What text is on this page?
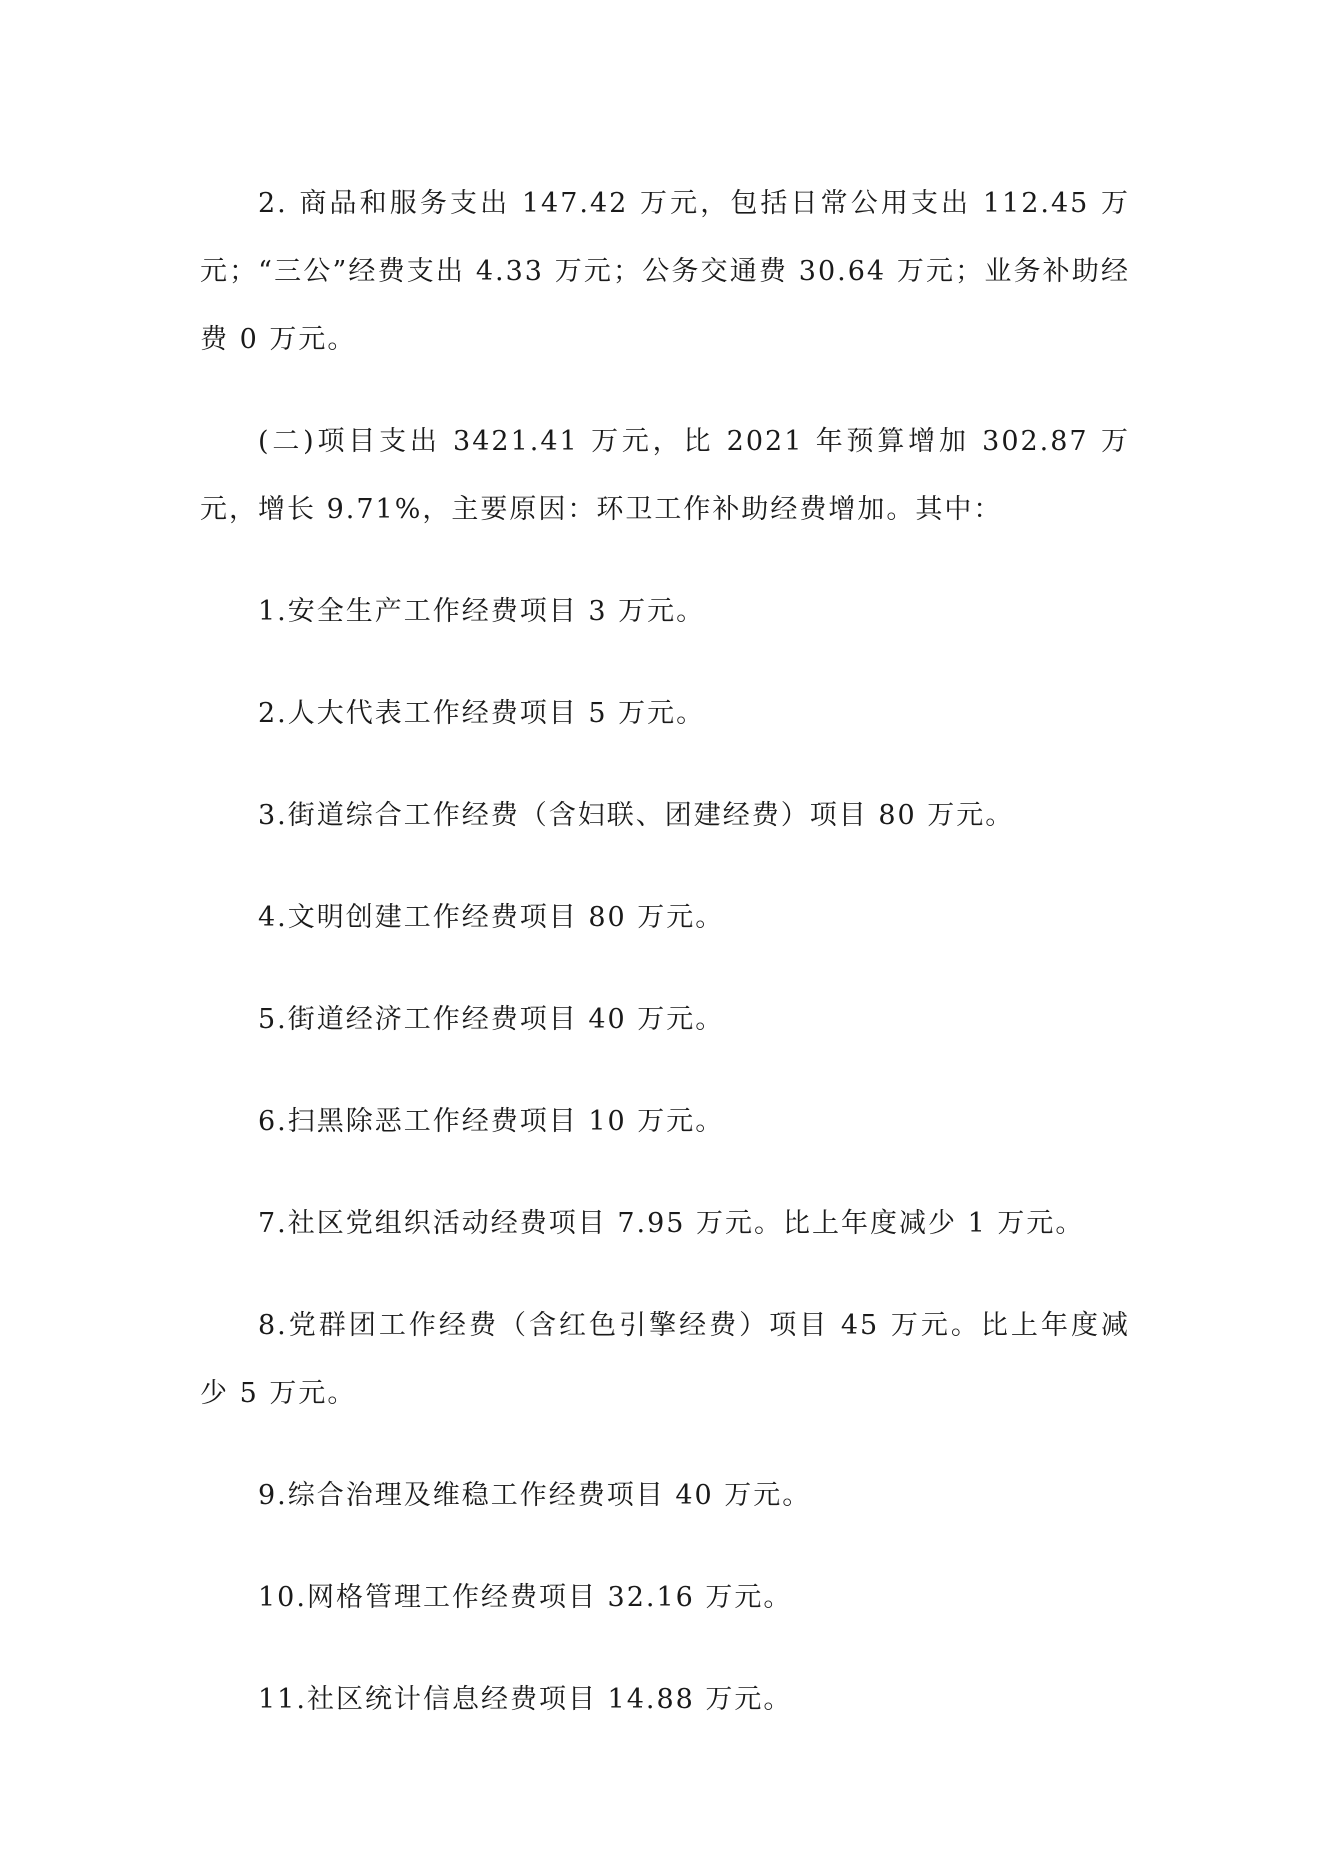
2. 商品和服务支出 147.42 万元，包括日常公用支出 112.45 万元；“三公”经费支出 4.33 万元；公务交通费 30.64 万元；业务补助经费 0 万元。

(二)项目支出 3421.41 万元，比 2021 年预算增加 302.87 万元，增长 9.71%，主要原因：环卫工作补助经费增加。其中：

1.安全生产工作经费项目 3 万元。

2.人大代表工作经费项目 5 万元。

3.街道综合工作经费（含妇联、团建经费）项目 80 万元。

4.文明创建工作经费项目 80 万元。

5.街道经济工作经费项目 40 万元。

6.扫黑除恶工作经费项目 10 万元。

7.社区党组织活动经费项目 7.95 万元。比上年度减少 1 万元。

8.党群团工作经费（含红色引擎经费）项目 45 万元。比上年度减少 5 万元。

9.综合治理及维稳工作经费项目 40 万元。

10.网格管理工作经费项目 32.16 万元。

11.社区统计信息经费项目 14.88 万元。
